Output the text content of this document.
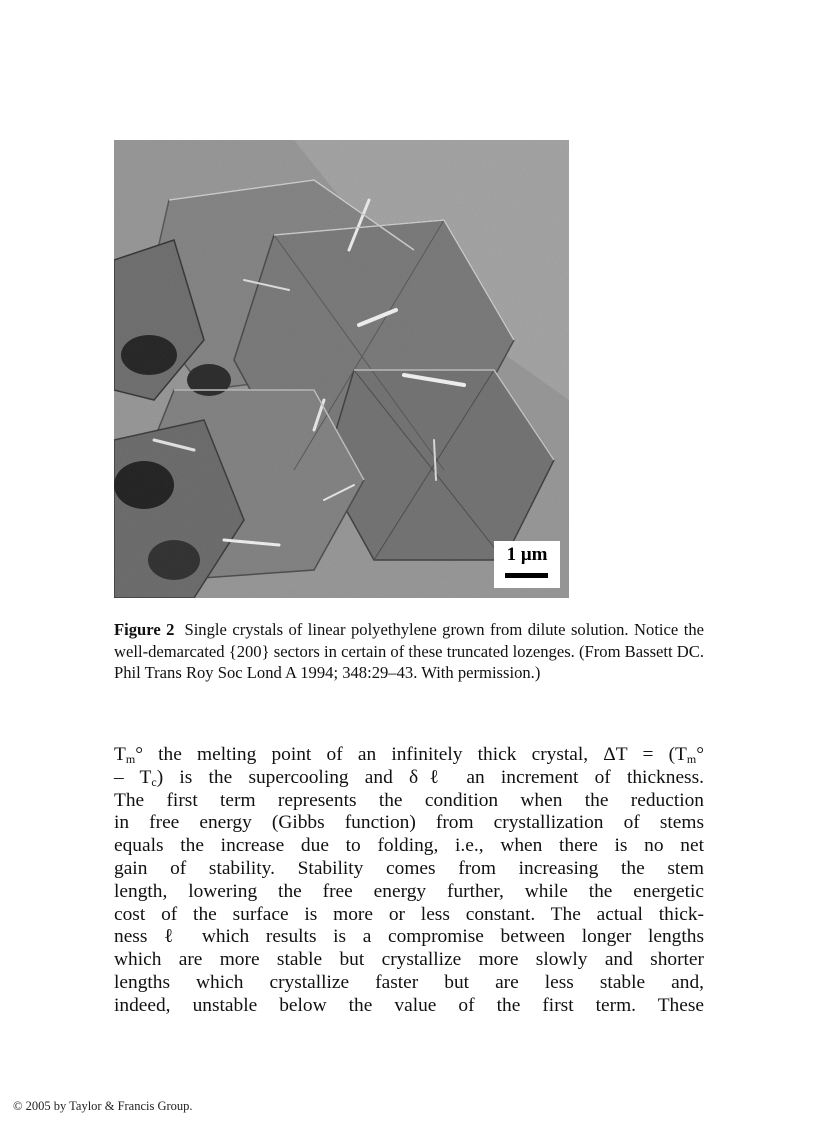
1 μm
Figure 2 Single crystals of linear polyethylene grown from dilute solution. Notice the well-demarcated {200} sectors in certain of these truncated lozenges. (From Bassett DC. Phil Trans Roy Soc Lond A 1994; 348:29–43. With permission.)
$T_m^\circ$ the melting point of an infinitely thick crystal, $\Delta T = (T_m^\circ$
– $T_c$) is the supercooling and δℓ an increment of thickness.
The first term represents the condition when the reduction
in free energy (Gibbs function) from crystallization of stems
equals the increase due to folding, i.e., when there is no net
gain of stability. Stability comes from increasing the stem
length, lowering the free energy further, while the energetic
cost of the surface is more or less constant. The actual thick-
ness ℓ which results is a compromise between longer lengths
which are more stable but crystallize more slowly and shorter
lengths which crystallize faster but are less stable and,
indeed, unstable below the value of the first term. These
© 2005 by Taylor & Francis Group.
